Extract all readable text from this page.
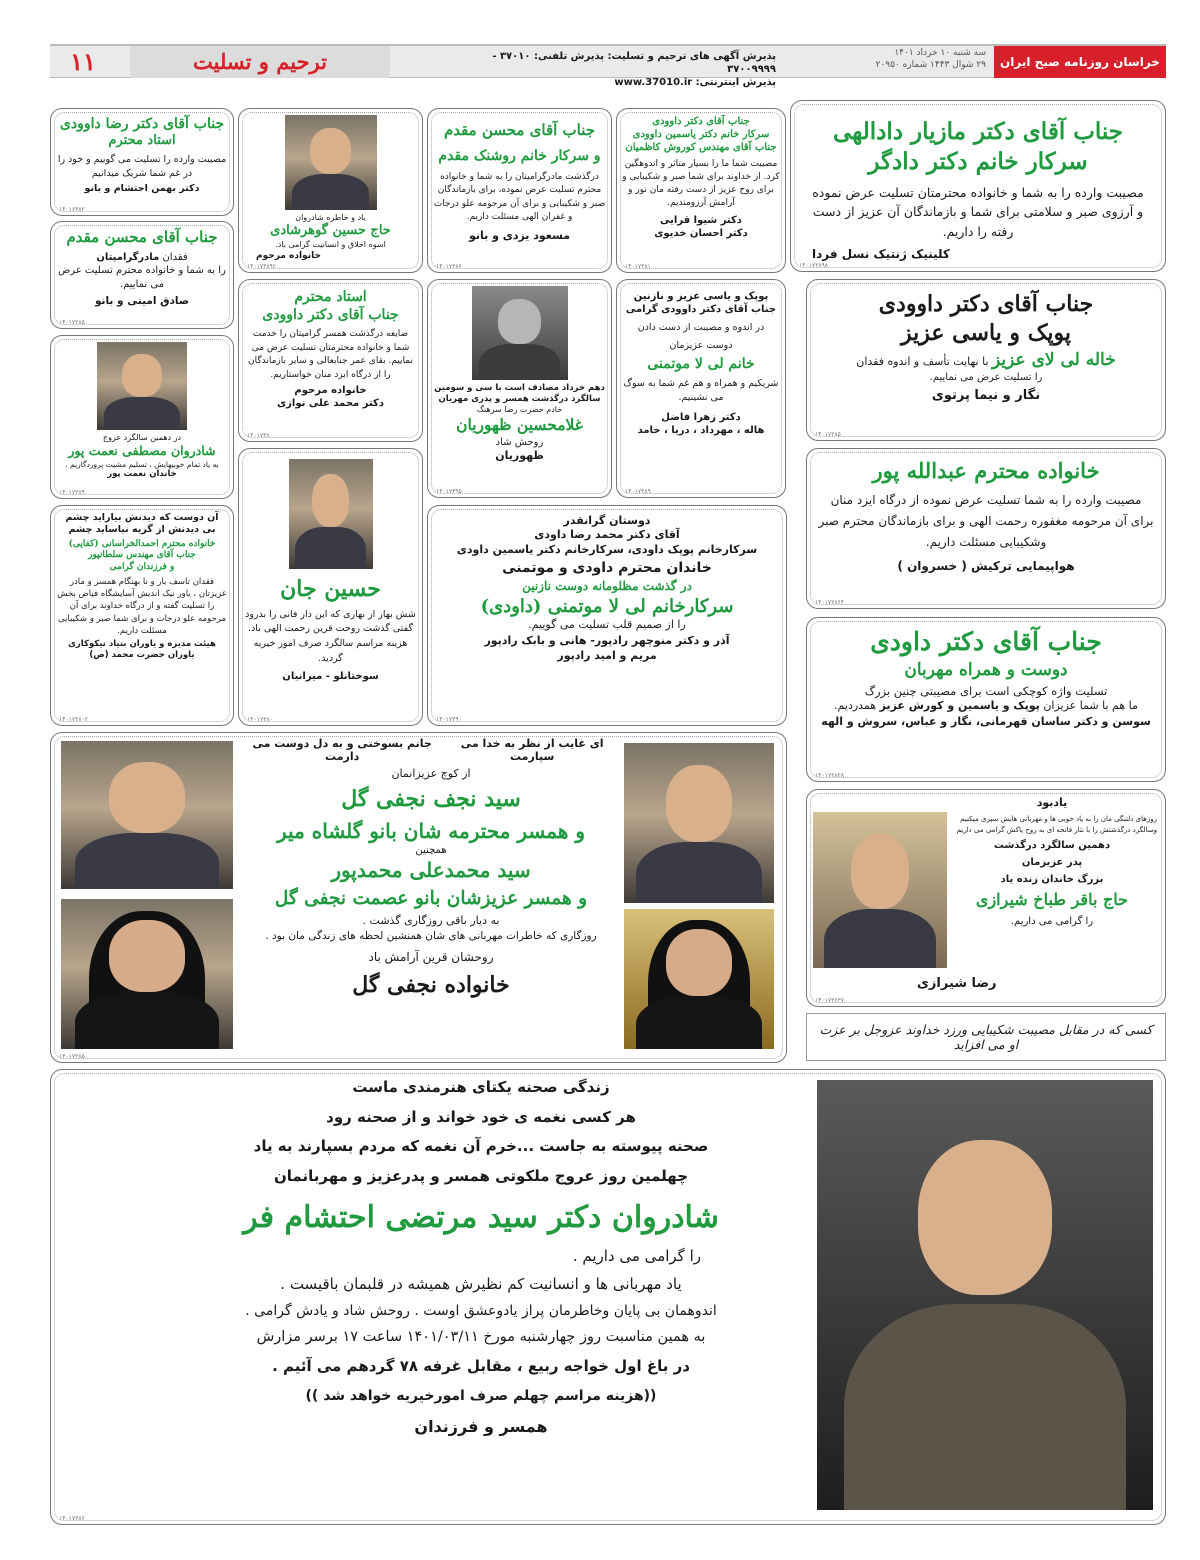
خراسان روزنامه صبح ایران
سه شنبه ۱۰ خرداد ۱۴۰۱
۲۹ شوال ۱۴۴۳ شماره ۲۰۹۵۰
پذیرش آگهی های ترحیم و تسلیت: پذیرش تلفنی: ۳۷۰۱۰ - ۳۷۰۰۹۹۹۹
پذیرش اینترنتی: www.37010.ir
ترحیم و تسلیت
۱۱
جناب آقای دکتر مازیار دادالهی
سرکار خانم دکتر دادگر
مصیبت وارده را به شما و خانواده محترمتان تسلیت عرض نموده و آرزوی صبر و سلامتی برای شما و بازماندگان آن عزیز از دست رفته را داریم.
کلینیک ژنتیک نسل فردا
۱۴۰۱۷۳۸۹۸
جناب آقای دکتر داوودی
سرکار خانم دکتر یاسمین داوودی
جناب آقای مهندس کوروش کاظمیان
مصیبت شما ما را بسیار متاثر و اندوهگین کرد. از خداوند برای شما صبر و شکیبایی و برای روح عزیز از دست رفته مان نور و آرامش آرزومندیم.
دکتر شیوا قرایی
دکتر احسان خدیوی
۱۴۰۱۷۳۸۱
جناب آقای محسن مقدم
و سرکار خانم روشنک مقدم
درگذشت مادرگرامیتان را به شما و خانواده محترم تسلیت عرض نموده، برای بازماندگان صبر و شکیبایی و برای آن مرحومه علو درجات و غفران الهی مسئلت داریم.
مسعود یزدی و بانو
۱۴۰۱۷۳۸۶
یاد و خاطره شادروان
حاج حسین گوهرشادی
اسوه اخلاق و انسانیت گرامی باد.
خانواده مرحوم
۱۴۰۱۷۳۸۹۲
جناب آقای دکتر رضا داوودی
استاد محترم
مصیبت وارده را تسلیت می گوییم و خود را در غم شما شریک میدانیم
دکتر بهمن احتشام و بانو
۱۴۰۱۷۳۸۲
جناب آقای محسن مقدم
فقدان مادرگرامیتان
را به شما و خانواده محترم تسلیت عرض می نماییم.
صادق امینی و بانو
۱۴۰۱۷۳۸۵
جناب آقای دکتر داوودی
پوپک و یاسی عزیز
خاله لی لای عزیز با نهایت تأسف و اندوه فقدان
را تسلیت عرض می نماییم.
نگار و نیما پرتوی
۱۴۰۱۷۳۸۵
پوپک و یاسی عزیز و نازنین
جناب آقای دکتر داوودی گرامی
در اندوه و مصیبت از دست دادن
دوست عزیزمان
خانم لی لا موتمنی
شریکیم و همراه و هم غم شما به سوگ می نشینیم.
دکتر زهرا فاضل
هاله ، مهرداد ، دریا ، حامد
۱۴۰۱۷۳۸۹
دهم خرداد مصادف است با سی و سومین
سالگرد درگذشت همسر و پدری مهربان
خادم حضرت رضا سرهنگ
غلامحسین ظهوریان
روحش شاد
ظهوریان
۱۴۰۱۷۳۹۵
استاد محترم
جناب آقای دکتر داوودی
ضایعه درگذشت همسر گرامیتان را خدمت شما و خانواده محترمتان تسلیت عرض می نماییم. بقای عمر جنابعالی و سایر بازماندگان را از درگاه ایزد منان خواستاریم.
خانواده مرحوم
دکتر محمد علی نوازی
۱۴۰۱۷۳۸۰
در دهمین سالگرد عروج
شادروان مصطفی نعمت پور
به یاد تمام خوبیهایش ، تسلیم مشیت پروردگاریم .
خاندان نعمت پور
۱۴۰۱۷۳۸۹
خانواده محترم عبدالله پور
مصیبت وارده را به شما تسلیت عرض نموده از درگاه ایزد منان برای آن مرحومه مغفوره رحمت الهی و برای بازماندگان محترم صبر وشکیبایی مسئلت داریم.
هواپیمایی ترکیش ( خسروان )
۱۴۰۱۷۳۸۶۴
حسین جان
شش بهار از بهاری که این دار فانی را بدرود گفتی گذشت روحت قرین رحمت الهی باد. هزینه مراسم سالگرد صرف امور خیریه گردید.
سوختانلو - میرانیان
۱۴۰۱۷۳۸۰
آن دوست که دیدنش بیاراید چشم
بی دیدنش از گریه نیاساید چشم
خانواده محترم احمدالخراسانی (کفایی)
جناب آقای مهندس سلطانپور
و فرزندان گرامی
فقدان تاسف بار و نا بهنگام همسر و مادر عزیزتان ، یاور نیک اندیش آسایشگاه فیاض بخش را تسلیت گفته و از درگاه خداوند برای آن مرحومه علو درجات و برای شما صبر و شکیبایی مسئلت داریم.
هیئت مدیره و یاوران بنیاد نیکوکاری
یاوران حضرت محمد (ص)
۱۴۰۱۷۳۸۰۲
دوستان گرانقدر
آقای دکتر محمد رضا داودی
سرکارخانم پوپک داودی، سرکارخانم دکتر یاسمین داودی
خاندان محترم داودی و موتمنی
در گذشت مظلومانه دوست نازنین
سرکارخانم لی لا موتمنی (داودی)
را از صمیم قلب تسلیت می گوییم.
آذر و دکتر منوچهر رادپور- هانی و بابک رادپور
مریم و امید رادپور
۱۴۰۱۷۳۹۰
جناب آقای دکتر داودی
دوست و همراه مهربان
تسلیت واژه کوچکی است برای مصیبتی چنین بزرگ
ما هم با شما عزیزان پوپک و یاسمین و کورش عزیز همدردیم.
سوسن و دکتر ساسان قهرمانی، نگار و عباس، سروش و الهه
۱۴۰۱۷۳۸۳۸
ای غایب از نظر به خدا می سپارمت
جانم بسوختی و به دل دوست می دارمت
از کوچ عزیزانمان
سید نجف نجفی گل
و همسر محترمه شان بانو گلشاه میر
همچنین
سید محمدعلی محمدپور
و همسر عزیزشان بانو عصمت نجفی گل
به دیار باقی روزگاری گذشت .
روزگاری که خاطرات مهربانی های شان همنشین لحظه های زندگی مان بود .
روحشان قرین آرامش باد
خانواده نجفی گل
۱۴۰۱۷۳۸۵۰
یادبود
روزهای دلتنگی مان را به یاد خوبی ها و مهربانی هایش سپری میکنیم وسالگرد درگذشتش را با نثار فاتحه ای به روح پاکش گرامی می داریم
دهمین سالگرد درگذشت
پدر عزیزمان
بزرگ خاندان زنده یاد
حاج باقر طباخ شیرازی
را گرامی می داریم.
رضا شیرازی
۱۴۰۱۷۳۶۳۷
کسی که در مقابل مصیبت شکیبایی ورزد خداوند عزوجل بر عزت او می افزاید
زندگی صحنه یکتای هنرمندی ماست
هر کسی نغمه ی خود خواند و از صحنه رود
صحنه پیوسته به جاست ...خرم آن نغمه که مردم بسپارند به یاد
چهلمین روز عروج ملکوتی همسر و پدرعزیز و مهربانمان
شادروان دکتر سید مرتضی احتشام فر
را گرامی می داریم .
یاد مهربانی ها و انسانیت کم نظیرش همیشه در قلبمان باقیست .
اندوهمان بی پایان وخاطرمان پراز یادوعشق اوست . روحش شاد و یادش گرامی .
به همین مناسبت روز چهارشنبه مورخ ۱۴۰۱/۰۳/۱۱ ساعت ۱۷ برسر مزارش
در باغ اول خواجه ربیع ، مقابل غرفه ۷۸ گردهم می آئیم .
((هزینه مراسم چهلم صرف امورخیریه خواهد شد ))
همسر و فرزندان
۱۴۰۱۷۳۸۶
